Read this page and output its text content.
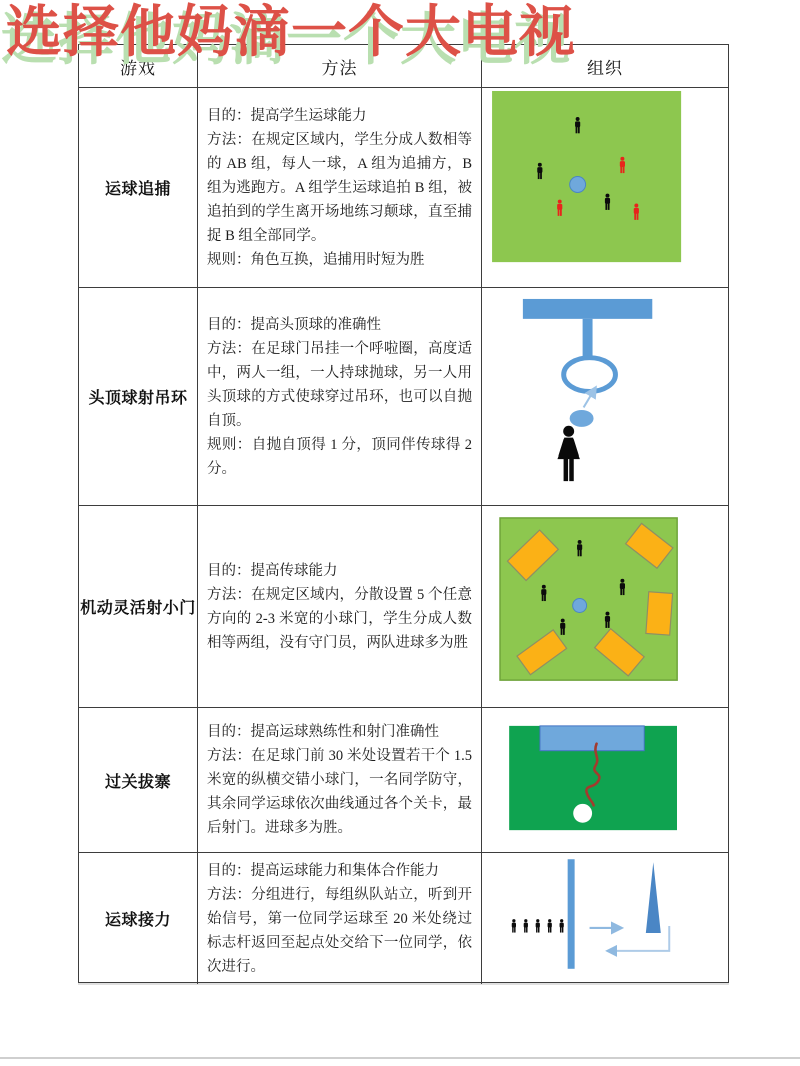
选择他妈滴一个大电视
游戏	方法	组织
运球追捕
目的：提高学生运球能力
方法：在规定区域内，学生分成人数相等的 AB 组，每人一球，A 组为追捕方，B 组为逃跑方。A 组学生运球追拍 B 组，被追拍到的学生离开场地练习颠球，直至捕捉 B 组全部同学。
规则：角色互换，追捕用时短为胜
头顶球射吊环
目的：提高头顶球的准确性
方法：在足球门吊挂一个呼啦圈，高度适中，两人一组，一人持球抛球，另一人用头顶球的方式使球穿过吊环，也可以自抛自顶。
规则：自抛自顶得 1 分，顶同伴传球得 2 分。
机动灵活射小门
目的：提高传球能力
方法：在规定区域内，分散设置 5 个任意方向的 2-3 米宽的小球门，学生分成人数相等两组，没有守门员，两队进球多为胜
过关拔寨
目的：提高运球熟练性和射门准确性
方法：在足球门前 30 米处设置若干个 1.5 米宽的纵横交错小球门，一名同学防守，其余同学运球依次曲线通过各个关卡，最后射门。进球多为胜。
运球接力
目的：提高运球能力和集体合作能力
方法：分组进行，每组纵队站立，听到开始信号，第一位同学运球至 20 米处绕过标志杆返回至起点处交给下一位同学，依次进行。
